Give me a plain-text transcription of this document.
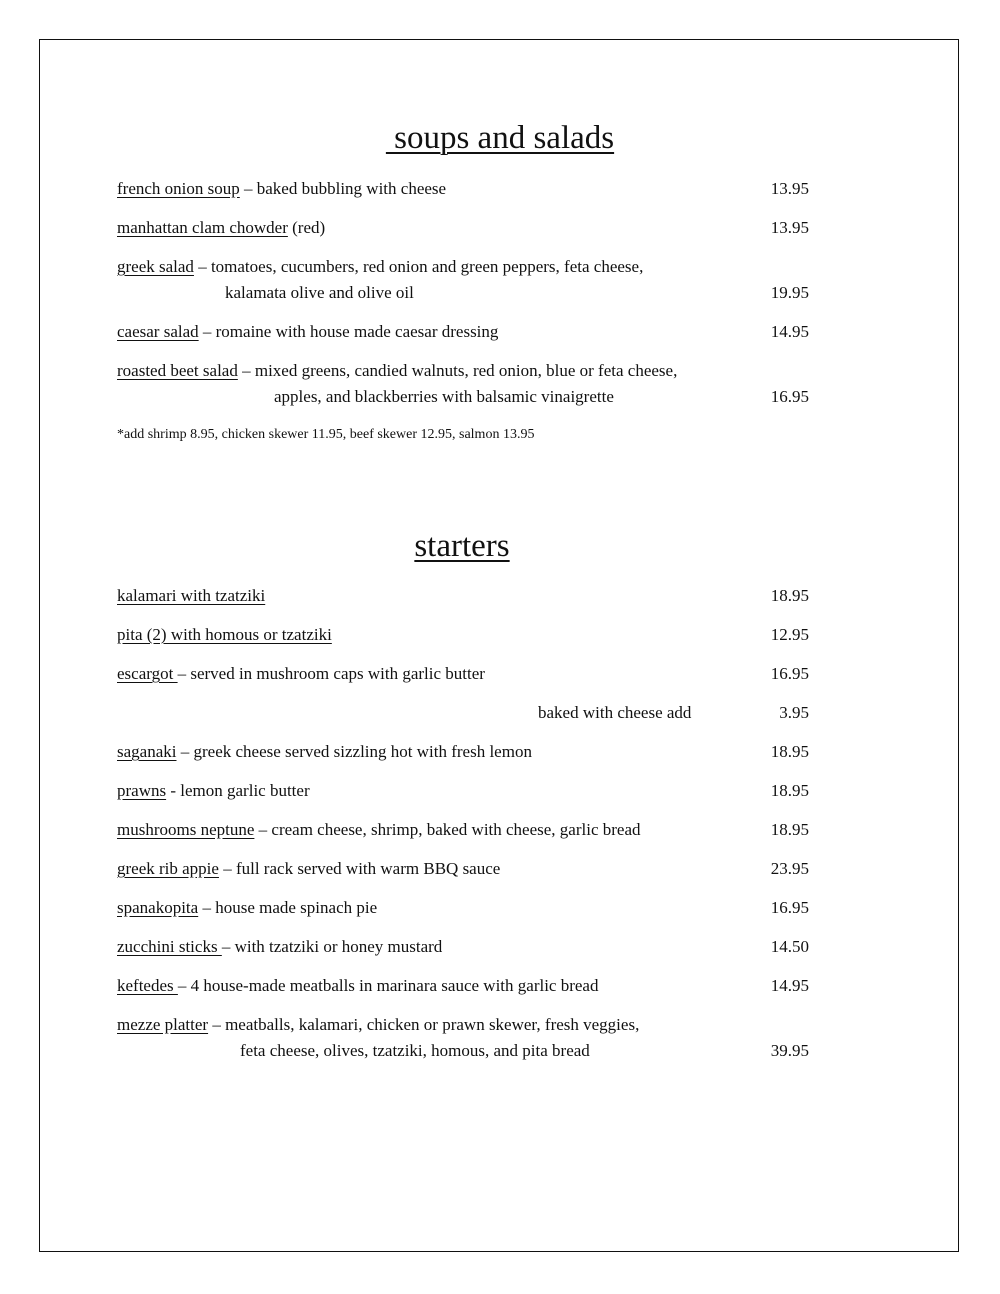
soups and salads
french onion soup – baked bubbling with cheese	13.95
manhattan clam chowder (red)	13.95
greek salad – tomatoes, cucumbers, red onion and green peppers, feta cheese,
kalamata olive and olive oil	19.95
caesar salad – romaine with house made caesar dressing	14.95
roasted beet salad – mixed greens, candied walnuts, red onion, blue or feta cheese,
apples, and blackberries with balsamic vinaigrette	16.95
*add shrimp 8.95, chicken skewer 11.95, beef skewer 12.95, salmon 13.95
starters
kalamari with tzatziki	18.95
pita (2) with homous or tzatziki	12.95
escargot – served in mushroom caps with garlic butter	16.95
baked with cheese add	3.95
saganaki – greek cheese served sizzling hot with fresh lemon	18.95
prawns - lemon garlic butter	18.95
mushrooms neptune – cream cheese, shrimp, baked with cheese, garlic bread	18.95
greek rib appie – full rack served with warm BBQ sauce	23.95
spanakopita – house made spinach pie	16.95
zucchini sticks – with tzatziki or honey mustard	14.50
keftedes – 4 house-made meatballs in marinara sauce with garlic bread	14.95
mezze platter – meatballs, kalamari, chicken or prawn skewer, fresh veggies,
feta cheese, olives, tzatziki, homous, and pita bread	39.95
